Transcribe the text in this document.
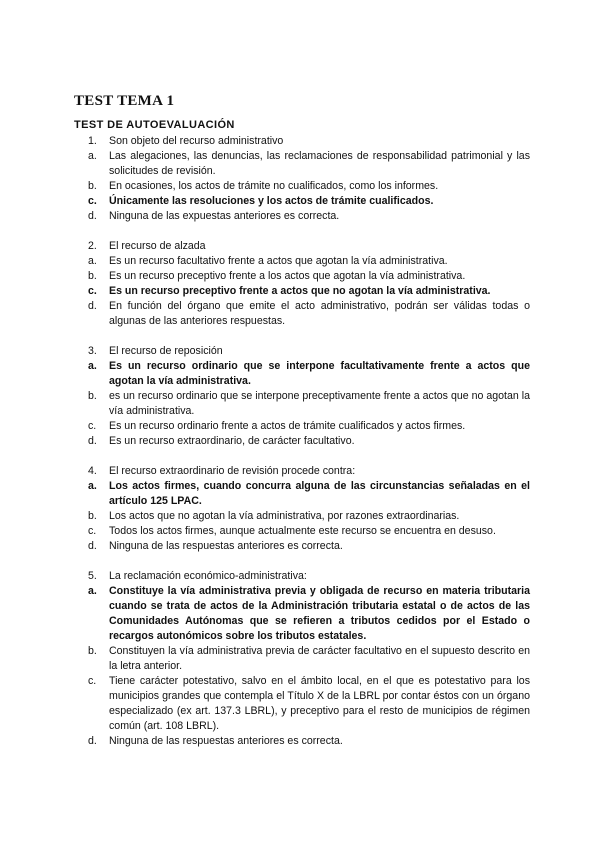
TEST TEMA 1
TEST DE AUTOEVALUACIÓN
1. Son objeto del recurso administrativo
a. Las alegaciones, las denuncias, las reclamaciones de responsabilidad patrimonial y las solicitudes de revisión.
b. En ocasiones, los actos de trámite no cualificados, como los informes.
c. Únicamente las resoluciones y los actos de trámite cualificados.
d. Ninguna de las expuestas anteriores es correcta.
2. El recurso de alzada
a. Es un recurso facultativo frente a actos que agotan la vía administrativa.
b. Es un recurso preceptivo frente a los actos que agotan la vía administrativa.
c. Es un recurso preceptivo frente a actos que no agotan la vía administrativa.
d. En función del órgano que emite el acto administrativo, podrán ser válidas todas o algunas de las anteriores respuestas.
3. El recurso de reposición
a. Es un recurso ordinario que se interpone facultativamente frente a actos que agotan la vía administrativa.
b. es un recurso ordinario que se interpone preceptivamente frente a actos que no agotan la vía administrativa.
c. Es un recurso ordinario frente a actos de trámite cualificados y actos firmes.
d. Es un recurso extraordinario, de carácter facultativo.
4. El recurso extraordinario de revisión procede contra:
a. Los actos firmes, cuando concurra alguna de las circunstancias señaladas en el artículo 125 LPAC.
b. Los actos que no agotan la vía administrativa, por razones extraordinarias.
c. Todos los actos firmes, aunque actualmente este recurso se encuentra en desuso.
d. Ninguna de las respuestas anteriores es correcta.
5. La reclamación económico-administrativa:
a. Constituye la vía administrativa previa y obligada de recurso en materia tributaria cuando se trata de actos de la Administración tributaria estatal o de actos de las Comunidades Autónomas que se refieren a tributos cedidos por el Estado o recargos autonómicos sobre los tributos estatales.
b. Constituyen la vía administrativa previa de carácter facultativo en el supuesto descrito en la letra anterior.
c. Tiene carácter potestativo, salvo en el ámbito local, en el que es potestativo para los municipios grandes que contempla el Título X de la LBRL por contar éstos con un órgano especializado (ex art. 137.3 LBRL), y preceptivo para el resto de municipios de régimen común (art. 108 LBRL).
d. Ninguna de las respuestas anteriores es correcta.
